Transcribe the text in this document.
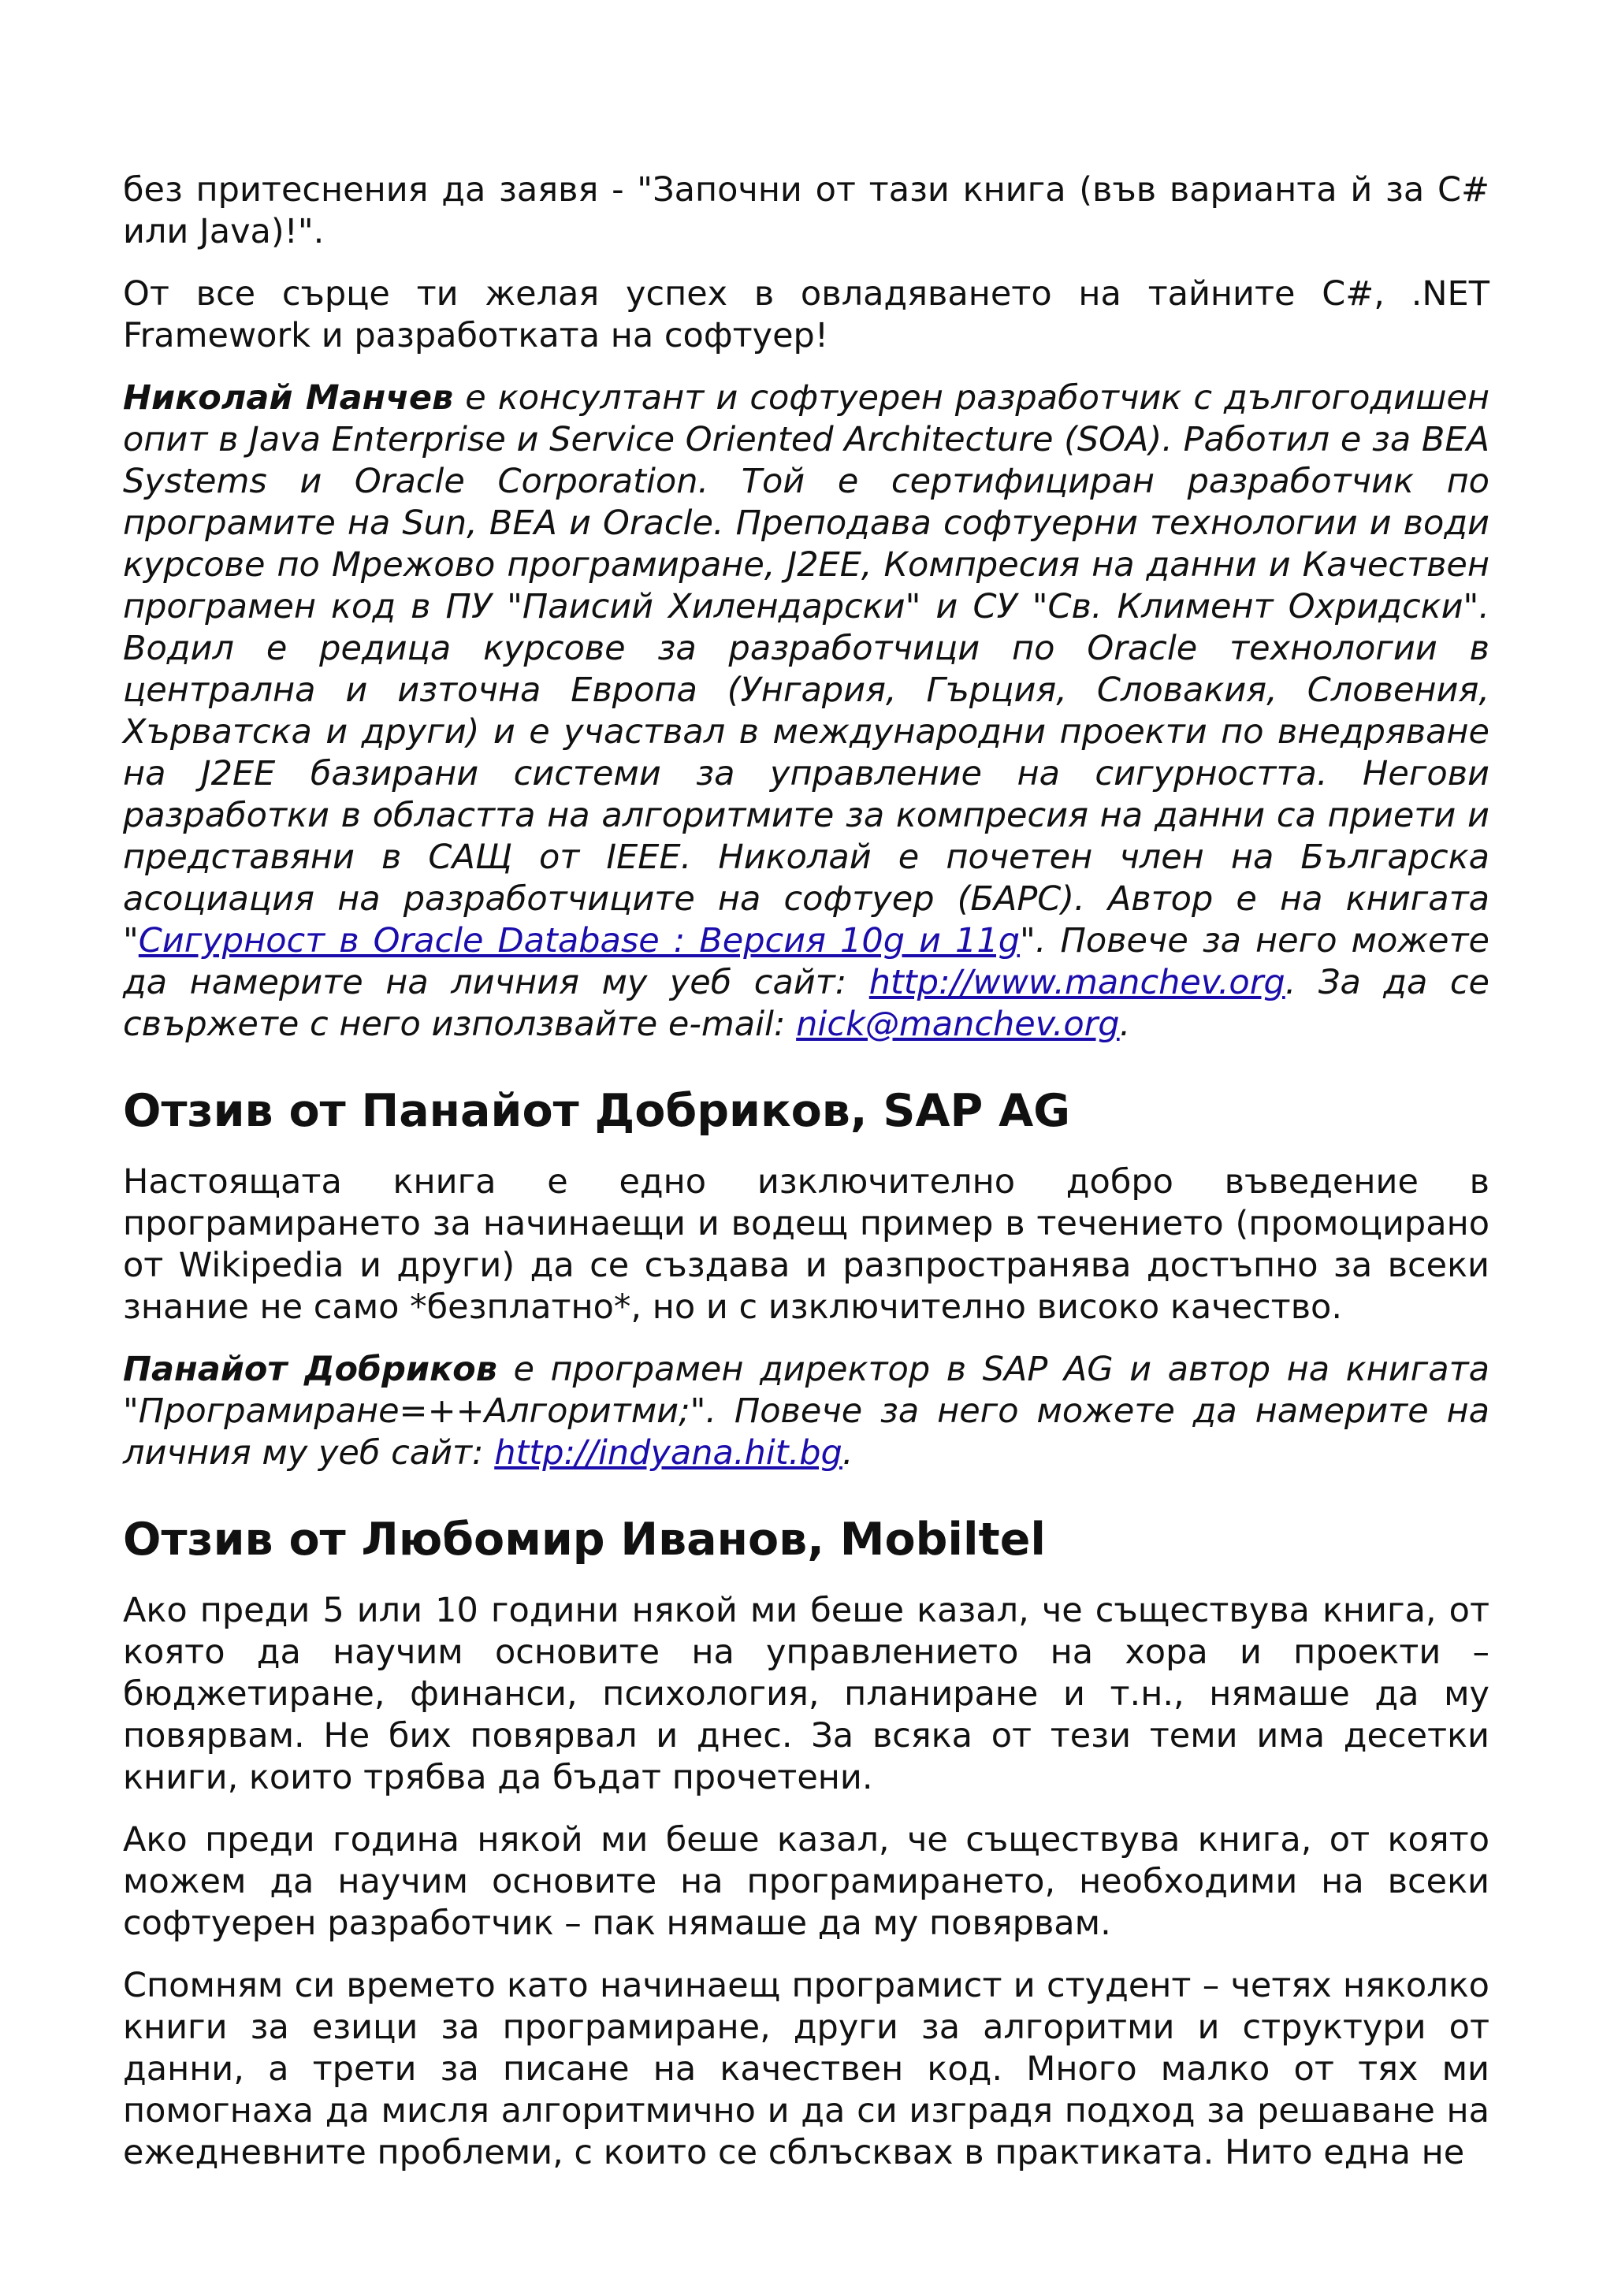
без притеснения да заявя - "Започни от тази книга (във варианта й за C# или Java)!".

От все сърце ти желая успех в овладяването на тайните C#, .NET Framework и разработката на софтуер!

Николай Манчев е консултант и софтуерен разработчик с дългогодишен опит в Java Enterprise и Service Oriented Architecture (SOA). Работил е за BEA Systems и Oracle Corporation. Той е сертифициран разработчик по програмите на Sun, BEA и Oracle. Преподава софтуерни технологии и води курсове по Мрежово програмиране, J2EE, Компресия на данни и Качествен програмен код в ПУ "Паисий Хилендарски" и СУ "Св. Климент Охридски". Водил е редица курсове за разработчици по Oracle технологии в централна и източна Европа (Унгария, Гърция, Словакия, Словения, Хърватска и други) и е участвал в международни проекти по внедряване на J2EE базирани системи за управление на сигурността. Негови разработки в областта на алгоритмите за компресия на данни са приети и представяни в САЩ от IEEE. Николай е почетен член на Българска асоциация на разработчиците на софтуер (БАРС). Автор е на книгата "Сигурност в Oracle Database : Версия 10g и 11g". Повече за него можете да намерите на личния му уеб сайт: http://www.manchev.org. За да се свържете с него използвайте e-mail: nick@manchev.org.

Отзив от Панайот Добриков, SAP AG

Настоящата книга е едно изключително добро въведение в програмирането за начинаещи и водещ пример в течението (промоцирано от Wikipedia и други) да се създава и разпространява достъпно за всеки знание не само *безплатно*, но и с изключително високо качество.

Панайот Добриков е програмен директор в SAP AG и автор на книгата "Програмиране=++Алгоритми;". Повече за него можете да намерите на личния му уеб сайт: http://indyana.hit.bg.

Отзив от Любомир Иванов, Mobiltel

Ако преди 5 или 10 години някой ми беше казал, че съществува книга, от която да научим основите на управлението на хора и проекти – бюджетиране, финанси, психология, планиране и т.н., нямаше да му повярвам. Не бих повярвал и днес. За всяка от тези теми има десетки книги, които трябва да бъдат прочетени.

Ако преди година някой ми беше казал, че съществува книга, от която можем да научим основите на програмирането, необходими на всеки софтуерен разработчик – пак нямаше да му повярвам.

Спомням си времето като начинаещ програмист и студент – четях няколко книги за езици за програмиране, други за алгоритми и структури от данни, а трети за писане на качествен код. Много малко от тях ми помогнаха да мисля алгоритмично и да си изградя подход за решаване на ежедневните проблеми, с които се сблъсквах в практиката. Нито една не
